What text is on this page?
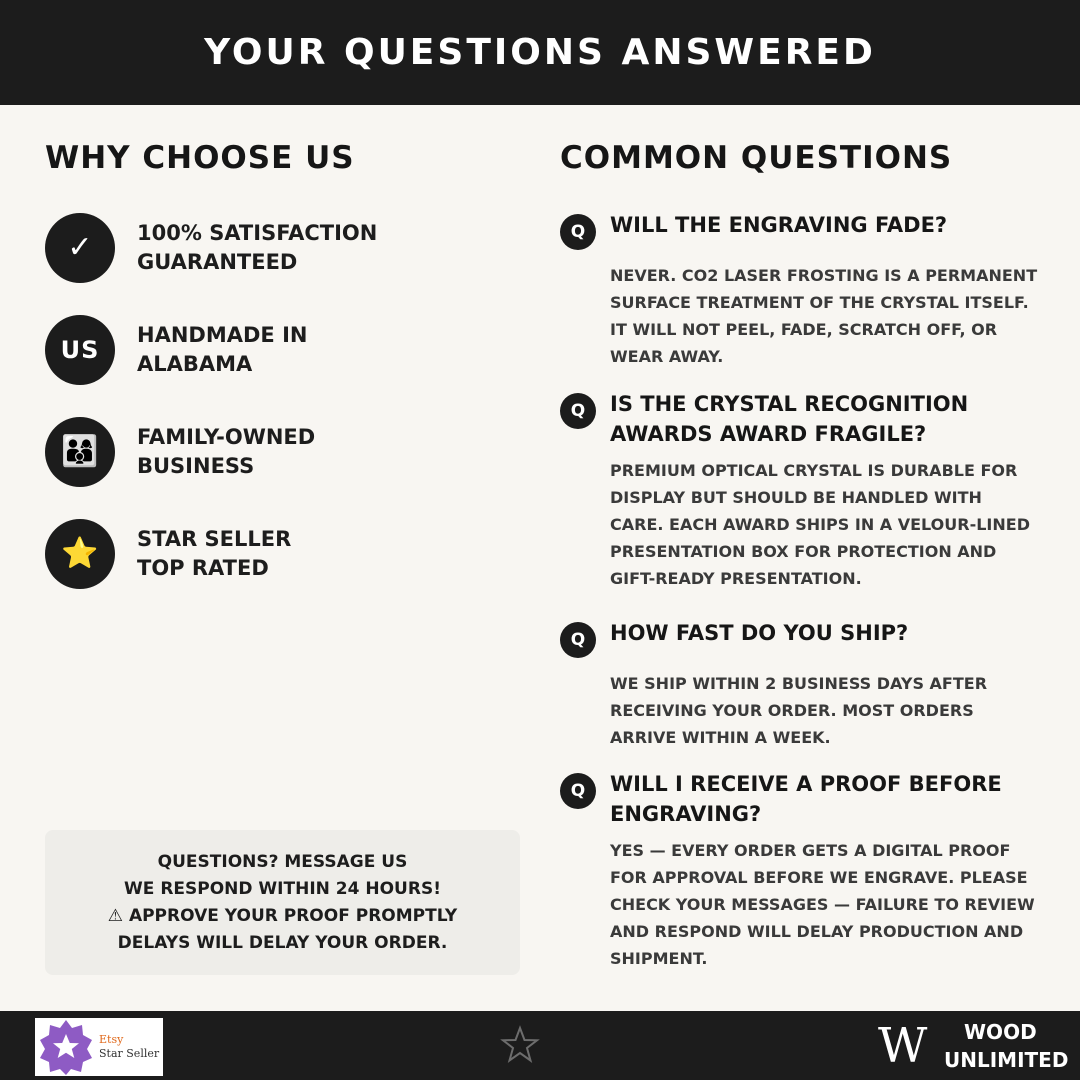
YOUR QUESTIONS ANSWERED
WHY CHOOSE US
✓ 100% SATISFACTION
GUARANTEED
US
HANDMADE IN
ALABAMA
👨‍👩‍👦 FAMILY-OWNED
BUSINESS
⭐ STAR SELLER
TOP RATED
QUESTIONS? MESSAGE US
WE RESPOND WITHIN 24 HOURS!
⚠ APPROVE YOUR PROOF PROMPTLY
DELAYS WILL DELAY YOUR ORDER.
COMMON QUESTIONS
Q	WILL THE ENGRAVING FADE?
NEVER. CO2 LASER FROSTING IS A PERMANENT SURFACE TREATMENT OF THE CRYSTAL ITSELF. IT WILL NOT PEEL, FADE, SCRATCH OFF, OR WEAR AWAY.
Q	IS THE CRYSTAL RECOGNITION AWARDS AWARD FRAGILE?
PREMIUM OPTICAL CRYSTAL IS DURABLE FOR DISPLAY BUT SHOULD BE HANDLED WITH CARE. EACH AWARD SHIPS IN A VELOUR-LINED PRESENTATION BOX FOR PROTECTION AND GIFT-READY PRESENTATION.
Q	HOW FAST DO YOU SHIP?
WE SHIP WITHIN 2 BUSINESS DAYS AFTER RECEIVING YOUR ORDER. MOST ORDERS ARRIVE WITHIN A WEEK.
Q	WILL I RECEIVE A PROOF BEFORE ENGRAVING?
YES — EVERY ORDER GETS A DIGITAL PROOF FOR APPROVAL BEFORE WE ENGRAVE. PLEASE CHECK YOUR MESSAGES — FAILURE TO REVIEW AND RESPOND WILL DELAY PRODUCTION AND SHIPMENT.
Etsy
Star Seller	W WOOD
UNLIMITED
